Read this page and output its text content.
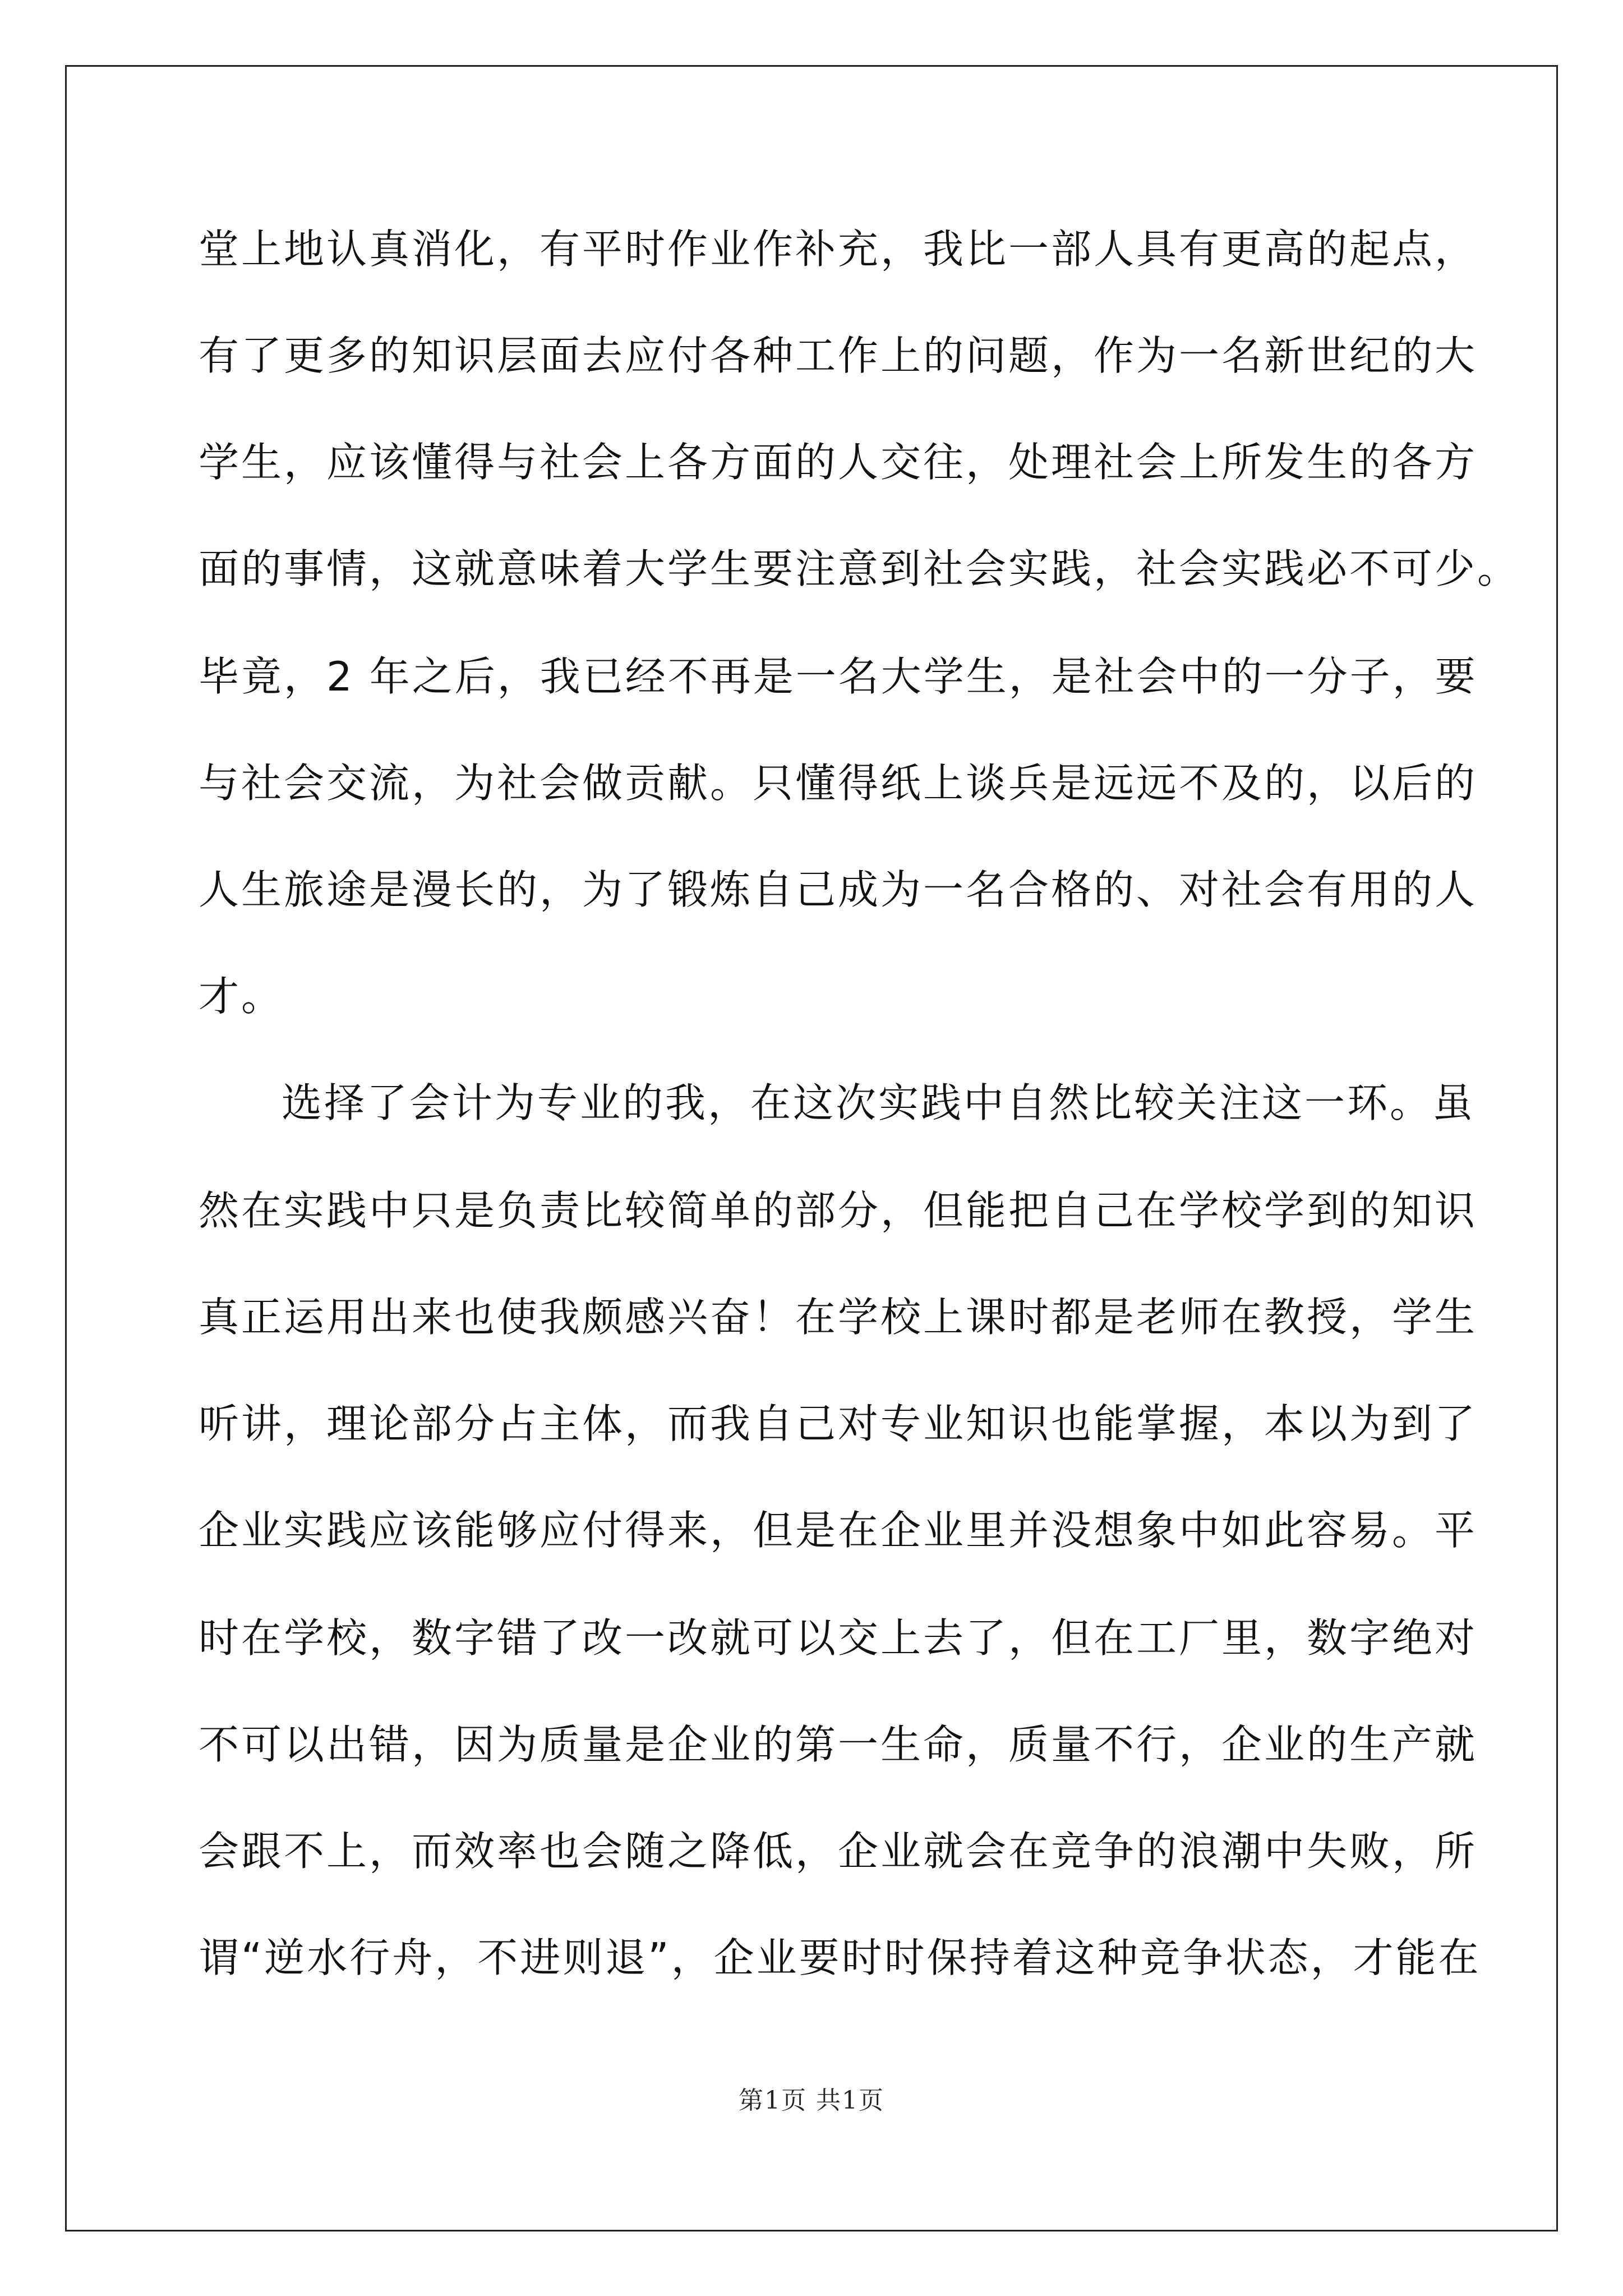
堂上地认真消化，有平时作业作补充，我比一部人具有更高的起点，
有了更多的知识层面去应付各种工作上的问题，作为一名新世纪的大
学生，应该懂得与社会上各方面的人交往，处理社会上所发生的各方
面的事情，这就意味着大学生要注意到社会实践，社会实践必不可少。
毕竟，2 年之后，我已经不再是一名大学生，是社会中的一分子，要
与社会交流，为社会做贡献。只懂得纸上谈兵是远远不及的，以后的
人生旅途是漫长的，为了锻炼自己成为一名合格的、对社会有用的人
才。
选择了会计为专业的我，在这次实践中自然比较关注这一环。虽
然在实践中只是负责比较简单的部分，但能把自己在学校学到的知识
真正运用出来也使我颇感兴奋！在学校上课时都是老师在教授，学生
听讲，理论部分占主体，而我自己对专业知识也能掌握，本以为到了
企业实践应该能够应付得来，但是在企业里并没想象中如此容易。平
时在学校，数字错了改一改就可以交上去了，但在工厂里，数字绝对
不可以出错，因为质量是企业的第一生命，质量不行，企业的生产就
会跟不上，而效率也会随之降低，企业就会在竞争的浪潮中失败，所
谓“逆水行舟，不进则退”，企业要时时保持着这种竞争状态，才能在
第1页 共1页
